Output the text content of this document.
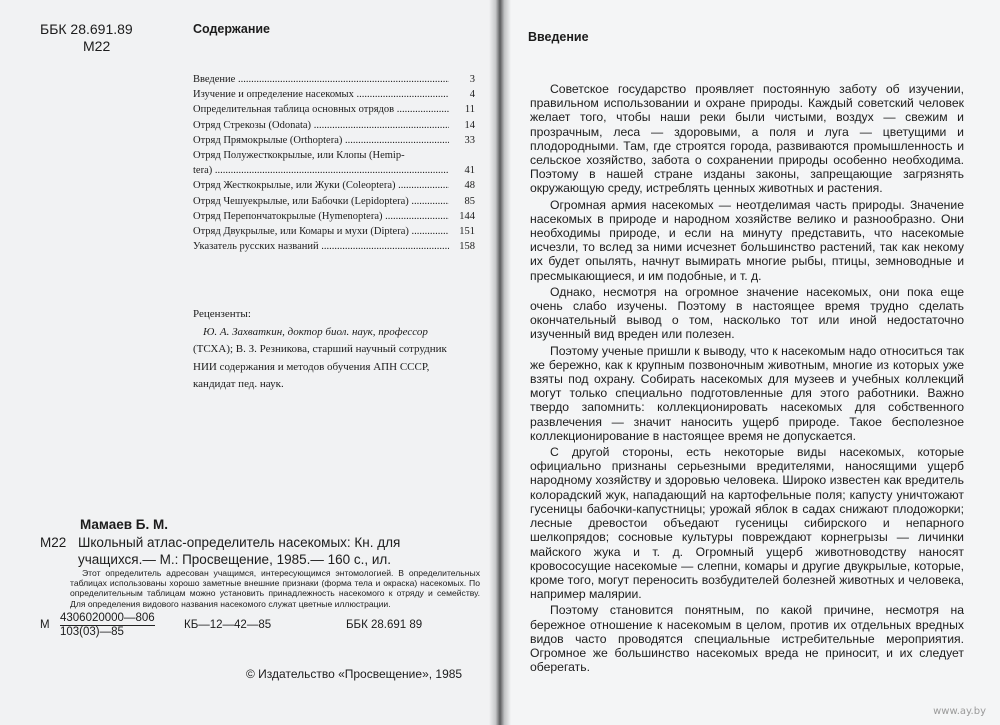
ББК 28.691.89
М22
Содержание
Введение .....	3
Изучение и определение насекомых .....	4
Определительная таблица основных отрядов .....	11
Отряд Стрекозы (Odonata) .....	14
Отряд Прямокрылые (Orthoptera) .....	33
Отряд Полужесткокрылые, или Клопы (Hemip-
tera) .....	41
Отряд Жесткокрылые, или Жуки (Coleoptera) .....	48
Отряд Чешуекрылые, или Бабочки (Lepidoptera) .....	85
Отряд Перепончатокрылые (Hymenoptera) .....	144
Отряд Двукрылые, или Комары и мухи (Diptera) .....	151
Указатель русских названий .....	158
Рецензенты:
Ю. А. Захваткин, доктор биол. наук, профессор
(ТСХА); В. З. Резникова, старший научный сотрудник
НИИ содержания и методов обучения АПН СССР,
кандидат пед. наук.
Мамаев Б. М.
М22 Школьный атлас-определитель насекомых: Кн. для
учащихся.— М.: Просвещение, 1985.— 160 с., ил.
Этот определитель адресован учащимся, интересующимся энтомологией. В определительных таблицах использованы хорошо заметные внешние признаки (форма тела и окраска) насекомых. По определительным таблицам можно установить принадлежность насекомого к отряду и семейству. Для определения видового названия насекомого служат цветные иллюстрации.
М $\frac{4306020000—806}{103(03)—85}$	КБ—12—42—85	ББК 28.691 89
© Издательство «Просвещение», 1985
Введение

Советское государство проявляет постоянную заботу об изучении, правильном использовании и охране природы. Каждый советский человек желает того, чтобы наши реки были чистыми, воздух — свежим и прозрачным, леса — здоровыми, а поля и луга — цветущими и плодородными. Там, где строятся города, развиваются промышленность и сельское хозяйство, забота о сохранении природы особенно необходима. Поэтому в нашей стране изданы законы, запрещающие загрязнять окружающую среду, истреблять ценных животных и растения.

Огромная армия насекомых — неотделимая часть природы. Значение насекомых в природе и народном хозяйстве велико и разнообразно. Они необходимы природе, и если на минуту представить, что насекомые исчезли, то вслед за ними исчезнет большинство растений, так как некому их будет опылять, начнут вымирать многие рыбы, птицы, земноводные и пресмыкающиеся, и им подобные, и т. д.

Однако, несмотря на огромное значение насекомых, они пока еще очень слабо изучены. Поэтому в настоящее время трудно сделать окончательный вывод о том, насколько тот или иной недостаточно изученный вид вреден или полезен.

Поэтому ученые пришли к выводу, что к насекомым надо относиться так же бережно, как к крупным позвоночным животным, многие из которых уже взяты под охрану. Собирать насекомых для музеев и учебных коллекций могут только специально подготовленные для этого работники. Важно твердо запомнить: коллекционировать насекомых для собственного развлечения — значит наносить ущерб природе. Такое бесполезное коллекционирование в настоящее время не допускается.

С другой стороны, есть некоторые виды насекомых, которые официально признаны серьезными вредителями, наносящими ущерб народному хозяйству и здоровью человека. Широко известен как вредитель колорадский жук, нападающий на картофельные поля; капусту уничтожают гусеницы бабочки-капустницы; урожай яблок в садах снижают плодожорки; лесные древостои объедают гусеницы сибирского и непарного шелкопрядов; сосновые культуры повреждают корнегрызы — личинки майского жука и т. д. Огромный ущерб животноводству наносят кровососущие насекомые — слепни, комары и другие двукрылые, которые, кроме того, могут переносить возбудителей болезней животных и человека, например малярии.

Поэтому становится понятным, по какой причине, несмотря на бережное отношение к насекомым в целом, против их отдельных вредных видов часто проводятся специальные истребительные мероприятия. Огромное же большинство насекомых вреда не приносит, и их следует оберегать.

www.ay.by
